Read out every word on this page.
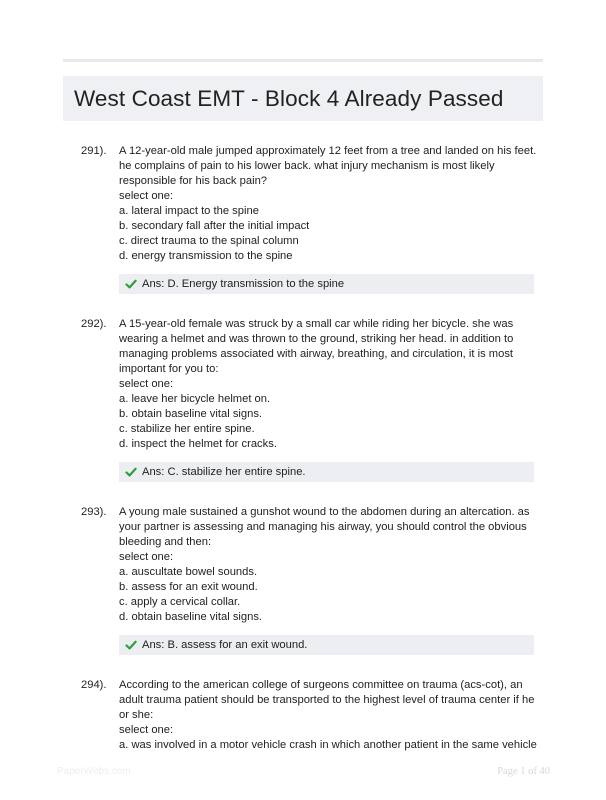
West Coast EMT - Block 4 Already Passed
291). A 12-year-old male jumped approximately 12 feet from a tree and landed on his feet. he complains of pain to his lower back. what injury mechanism is most likely responsible for his back pain?
select one:
a. lateral impact to the spine
b. secondary fall after the initial impact
c. direct trauma to the spinal column
d. energy transmission to the spine
Ans: D. Energy transmission to the spine
292). A 15-year-old female was struck by a small car while riding her bicycle. she was wearing a helmet and was thrown to the ground, striking her head. in addition to managing problems associated with airway, breathing, and circulation, it is most important for you to:
select one:
a. leave her bicycle helmet on.
b. obtain baseline vital signs.
c. stabilize her entire spine.
d. inspect the helmet for cracks.
Ans: C. stabilize her entire spine.
293). A young male sustained a gunshot wound to the abdomen during an altercation. as your partner is assessing and managing his airway, you should control the obvious bleeding and then:
select one:
a. auscultate bowel sounds.
b. assess for an exit wound.
c. apply a cervical collar.
d. obtain baseline vital signs.
Ans: B. assess for an exit wound.
294). According to the american college of surgeons committee on trauma (acs-cot), an adult trauma patient should be transported to the highest level of trauma center if he or she:
select one:
a. was involved in a motor vehicle crash in which another patient in the same vehicle
PaperWebs.com	Page 1 of 40
